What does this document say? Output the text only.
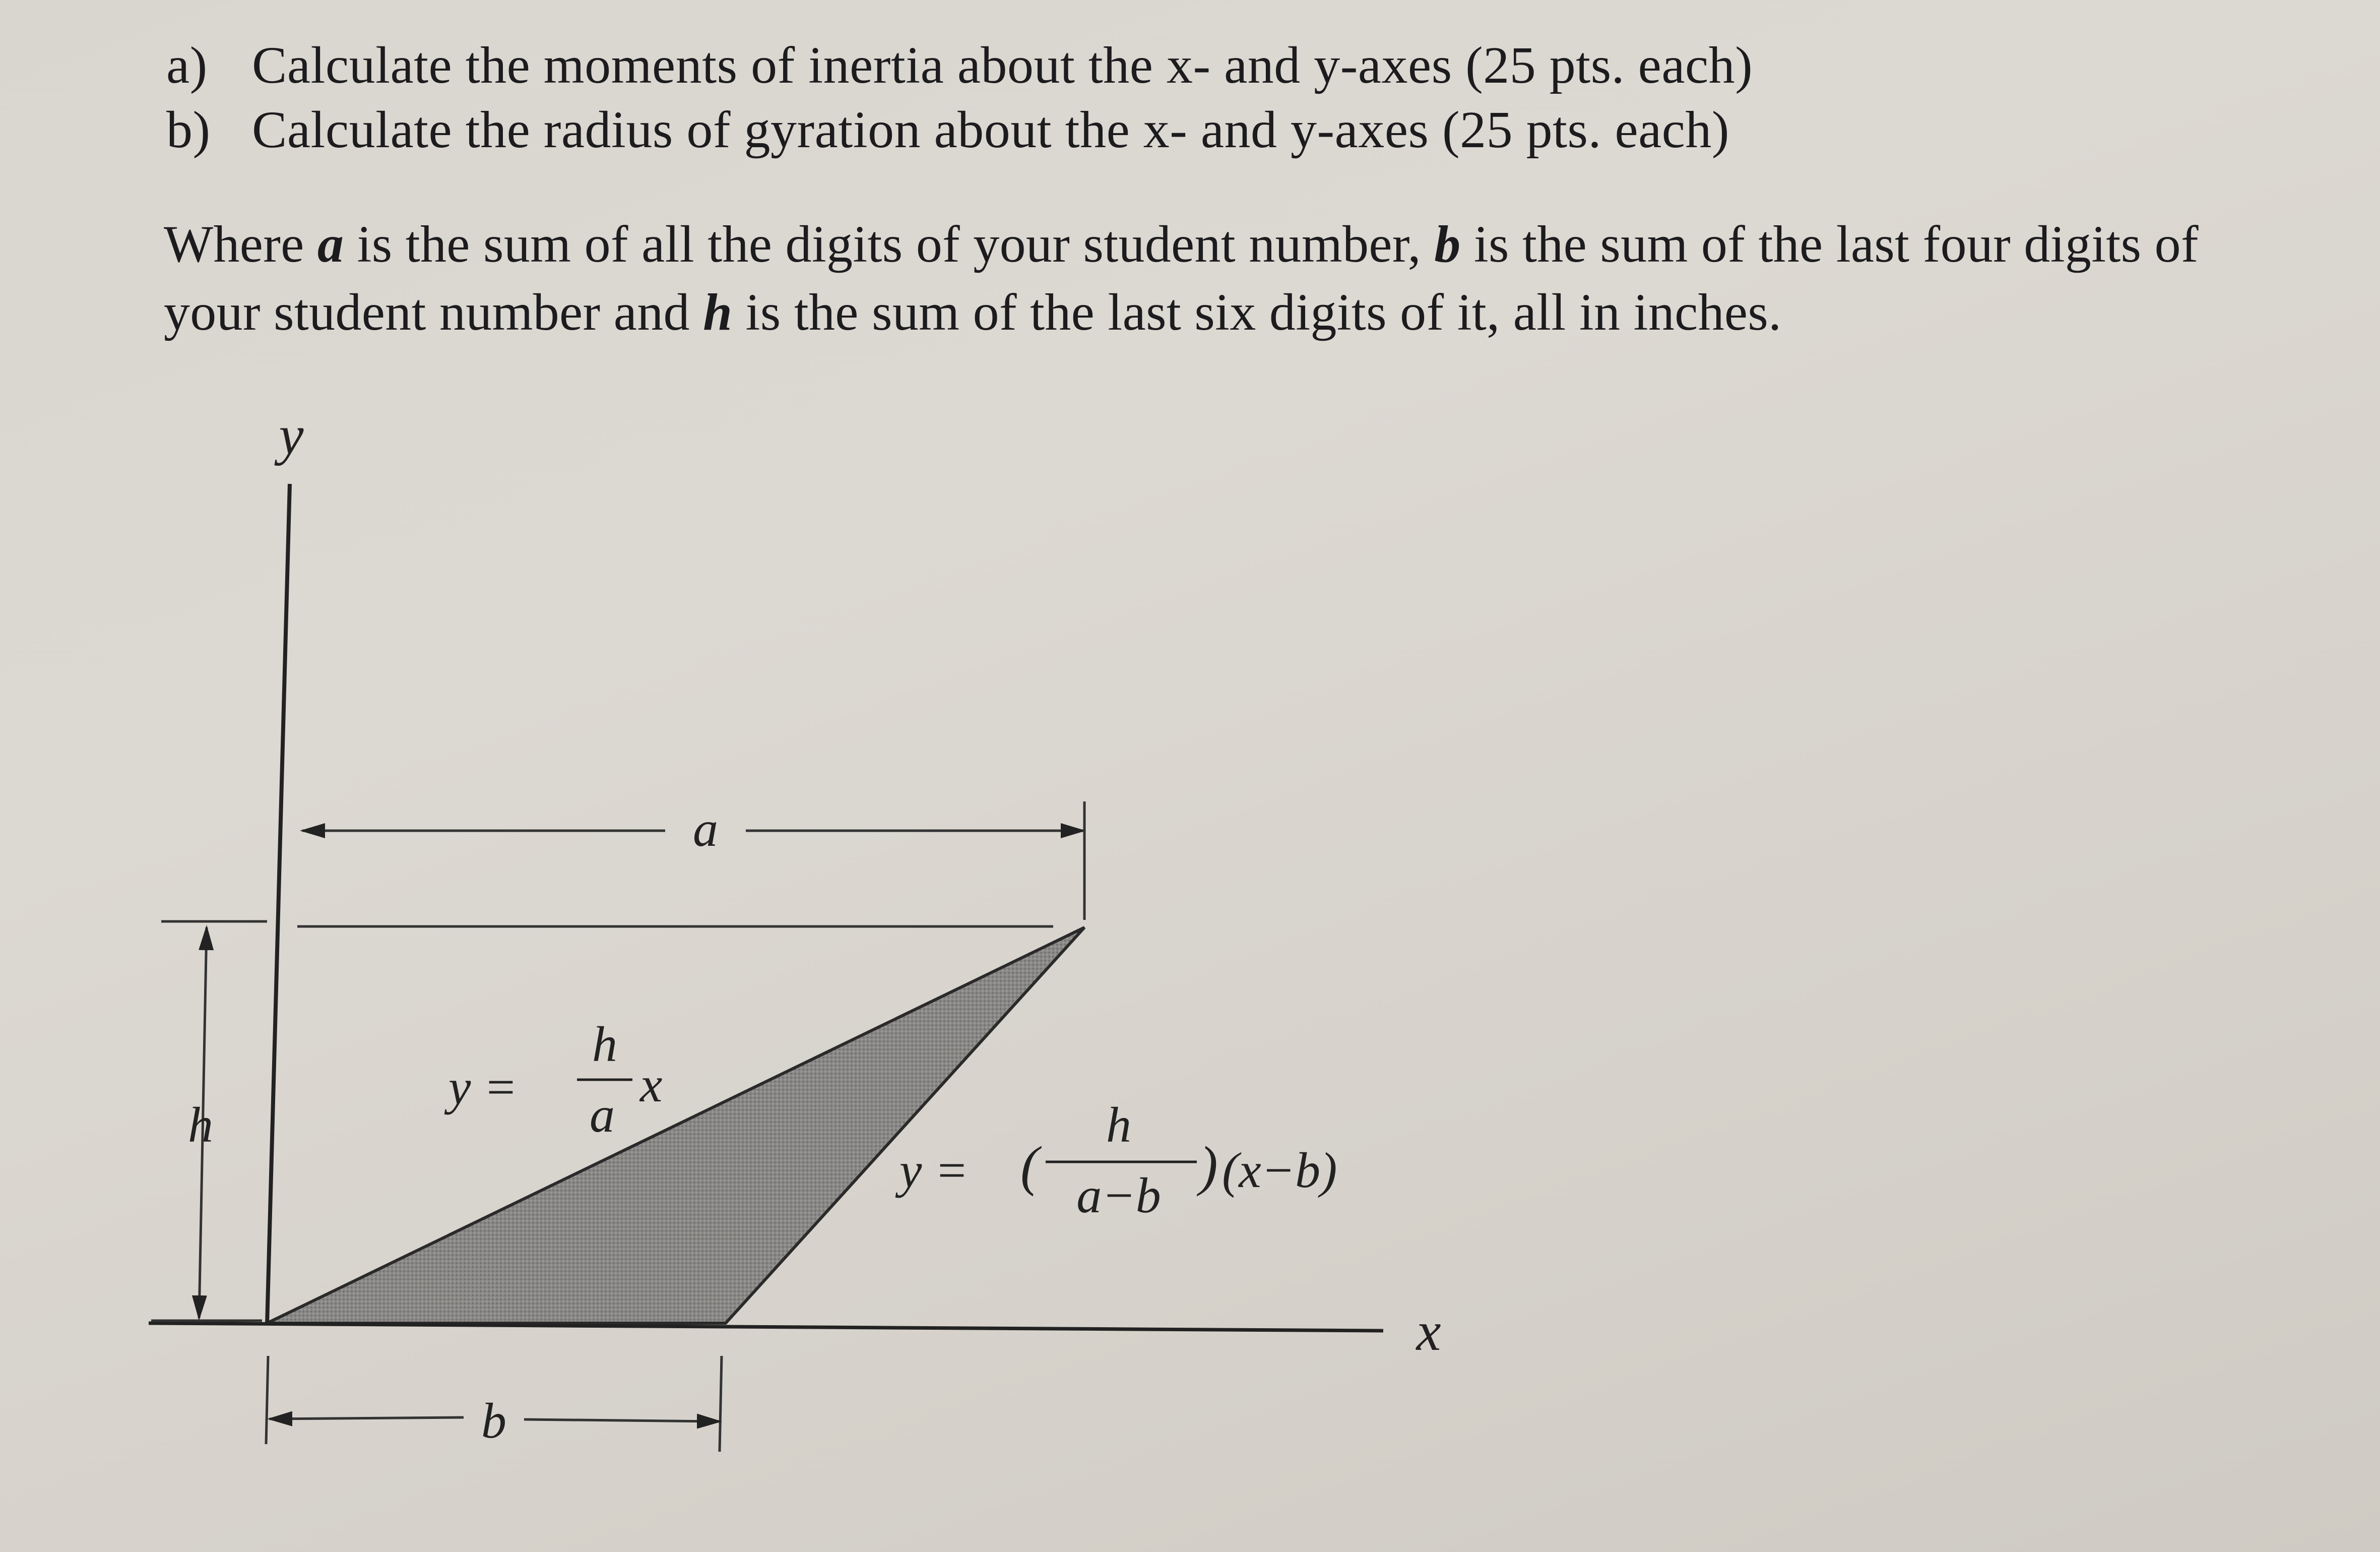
a) Calculate the moments of inertia about the x- and y-axes (25 pts. each)
b) Calculate the radius of gyration about the x- and y-axes (25 pts. each)
Where a is the sum of all the digits of your student number, b is the sum of the last four digits of
your student number and h is the sum of the last six digits of it, all in inches.
a
h
b
y
x
y =
h
a
x
y = (
h
a−b ) (x−b)
